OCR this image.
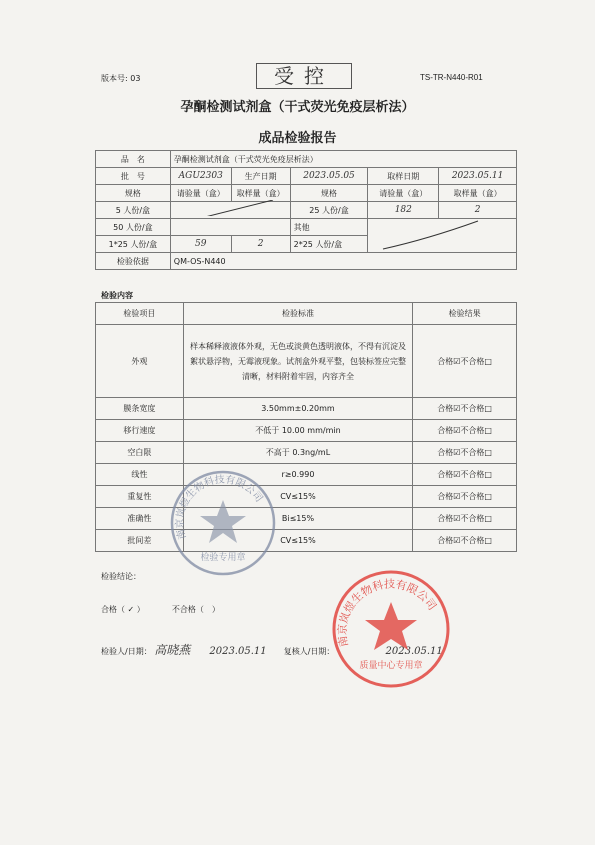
版本号: 03	受控	TS-TR-N440-R01
孕酮检测试剂盒（干式荧光免疫层析法）
成品检验报告
品　名	孕酮检测试剂盒（干式荧光免疫层析法）				
批　号	AGU2303	生产日期	2023.05.05	取样日期	2023.05.11
规格	请验量（盒）	取样量（盒）	规格	请验量（盒）	取样量（盒）
5 人份/盒			25 人份/盒	182	2
50 人份/盒			其他	

1*25 人份/盒	59	2	2*25 人份/盒		
检验依据	QM-OS-N440				
检验内容
检验项目	检验标准	检验结果
外观	样本稀释液液体外观，无色或淡黄色透明液体，不得有沉淀及絮状悬浮物，无霉液现象。试剂盒外观平整，包装标签应完整清晰，材料附着牢固，内容齐全	合格☑不合格□
膜条宽度	3.50mm±0.20mm	合格☑不合格□
移行速度	不低于 10.00 mm/min	合格☑不合格□
空白限	不高于 0.3ng/mL	合格☑不合格□
线性	r≥0.990	合格☑不合格□
重复性	CV≤15%	合格☑不合格□
准确性	Bi≤15%	合格☑不合格□
批间差	CV≤15%	合格☑不合格□
南京岚煜生物科技有限公司
检验专用章
检验结论：
合格（ ✓ ）	不合格（　）
检验人/日期： 高晓燕 2023.05.11 复核人/日期：	2023.05.11
南京岚煜生物科技有限公司
质量中心专用章
